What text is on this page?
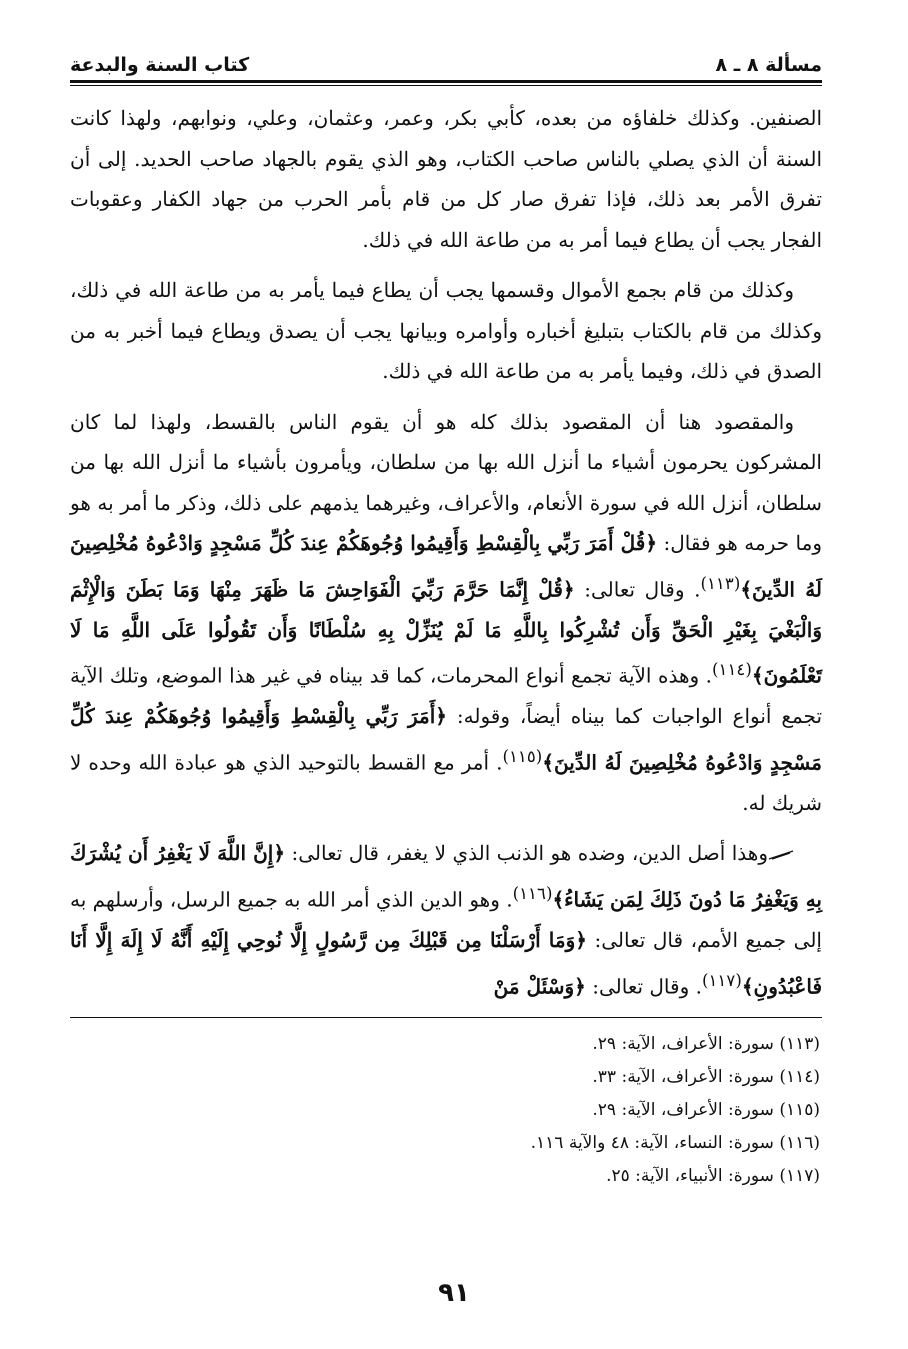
مسألة ٨ ـ ٨
كتاب السنة والبدعة

الصنفين. وكذلك خلفاؤه من بعده، كأبي بكر، وعمر، وعثمان، وعلي، ونوابهم، ولهذا كانت السنة أن الذي يصلي بالناس صاحب الكتاب، وهو الذي يقوم بالجهاد صاحب الحديد. إلى أن تفرق الأمر بعد ذلك، فإذا تفرق صار كل من قام بأمر الحرب من جهاد الكفار وعقوبات الفجار يجب أن يطاع فيما أمر به من طاعة الله في ذلك.

وكذلك من قام بجمع الأموال وقسمها يجب أن يطاع فيما يأمر به من طاعة الله في ذلك، وكذلك من قام بالكتاب بتبليغ أخباره وأوامره وبيانها يجب أن يصدق ويطاع فيما أخبر به من الصدق في ذلك، وفيما يأمر به من طاعة الله في ذلك.

والمقصود هنا أن المقصود بذلك كله هو أن يقوم الناس بالقسط، ولهذا لما كان المشركون يحرمون أشياء ما أنزل الله بها من سلطان، ويأمرون بأشياء ما أنزل الله بها من سلطان، أنزل الله في سورة الأنعام، والأعراف، وغيرهما يذمهم على ذلك، وذكر ما أمر به هو وما حرمه هو فقال: ﴿قُلْ أَمَرَ رَبِّي بِالْقِسْطِ وَأَقِيمُوا وُجُوهَكُمْ عِندَ كُلِّ مَسْجِدٍ وَادْعُوهُ مُخْلِصِينَ لَهُ الدِّينَ﴾$^{(١١٣)}$. وقال تعالى: ﴿قُلْ إِنَّمَا حَرَّمَ رَبِّيَ الْفَوَاحِشَ مَا ظَهَرَ مِنْهَا وَمَا بَطَنَ وَالْإِثْمَ وَالْبَغْيَ بِغَيْرِ الْحَقِّ وَأَن تُشْرِكُوا بِاللَّهِ مَا لَمْ يُنَزِّلْ بِهِ سُلْطَانًا وَأَن تَقُولُوا عَلَى اللَّهِ مَا لَا تَعْلَمُونَ﴾$^{(١١٤)}$. وهذه الآية تجمع أنواع المحرمات، كما قد بيناه في غير هذا الموضع، وتلك الآية تجمع أنواع الواجبات كما بيناه أيضاً، وقوله: ﴿أَمَرَ رَبِّي بِالْقِسْطِ وَأَقِيمُوا وُجُوهَكُمْ عِندَ كُلِّ مَسْجِدٍ وَادْعُوهُ مُخْلِصِينَ لَهُ الدِّينَ﴾$^{(١١٥)}$. أمر مع القسط بالتوحيد الذي هو عبادة الله وحده لا شريك له.

وهذا أصل الدين، وضده هو الذنب الذي لا يغفر، قال تعالى: ﴿إِنَّ اللَّهَ لَا يَغْفِرُ أَن يُشْرَكَ بِهِ وَيَغْفِرُ مَا دُونَ ذَلِكَ لِمَن يَشَاءُ﴾$^{(١١٦)}$. وهو الدين الذي أمر الله به جميع الرسل، وأرسلهم به إلى جميع الأمم، قال تعالى: ﴿وَمَا أَرْسَلْنَا مِن قَبْلِكَ مِن رَّسُولٍ إِلَّا نُوحِي إِلَيْهِ أَنَّهُ لَا إِلَهَ إِلَّا أَنَا فَاعْبُدُونِ﴾$^{(١١٧)}$. وقال تعالى: ﴿وَسْئَلْ مَنْ

(١١٣) سورة: الأعراف، الآية: ٢٩.
(١١٤) سورة: الأعراف، الآية: ٣٣.
(١١٥) سورة: الأعراف، الآية: ٢٩.
(١١٦) سورة: النساء، الآية: ٤٨ والآية ١١٦.
(١١٧) سورة: الأنبياء، الآية: ٢٥.
٩١
